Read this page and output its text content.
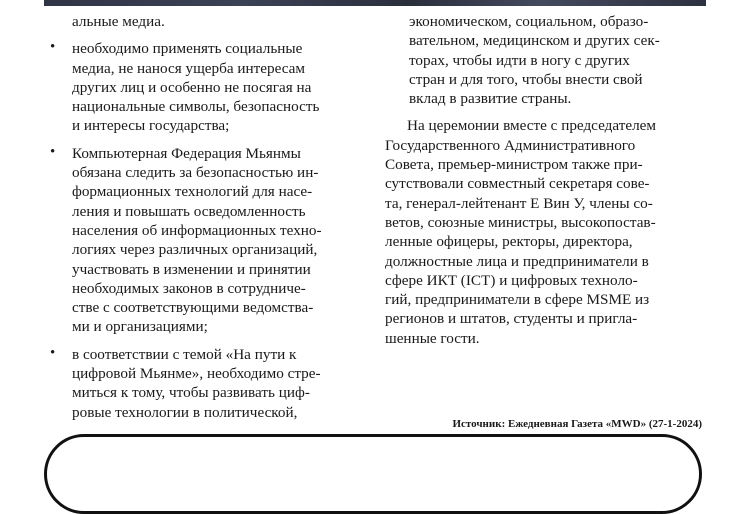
альные медиа.

• необходимо применять социальные
медиа, не нанося ущерба интересам
других лиц и особенно не посягая на
национальные символы, безопасность
и интересы государства;

• Компьютерная Федерация Мьянмы
обязана следить за безопасностью ин-
формационных технологий для насе-
ления и повышать осведомленность
населения об информационных техно-
логиях через различных организаций,
участвовать в изменении и принятии
необходимых законов в сотрудниче-
стве с соответствующими ведомства-
ми и организациями;

• в соответствии с темой «На пути к
цифровой Мьянме», необходимо стре-
миться к тому, чтобы развивать циф-
ровые технологии в политической,

экономическом, социальном, образо-
вательном, медицинском и других сек-
торах, чтобы идти в ногу с других
стран и для того, чтобы внести свой
вклад в развитие страны.

На церемонии вместе с председателем
Государственного Административного
Совета, премьер-министром также при-
сутствовали совместный секретаря сове-
та, генерал-лейтенант Е Вин У, члены со-
ветов, союзные министры, высокопостав-
ленные офицеры, ректоры, директора,
должностные лица и предприниматели в
сфере ИКТ (ICT) и цифровых техноло-
гий, предприниматели в сфере MSME из
регионов и штатов, студенты и пригла-
шенные гости.

Источник: Ежедневная Газета «MWD» (27-1-2024)
